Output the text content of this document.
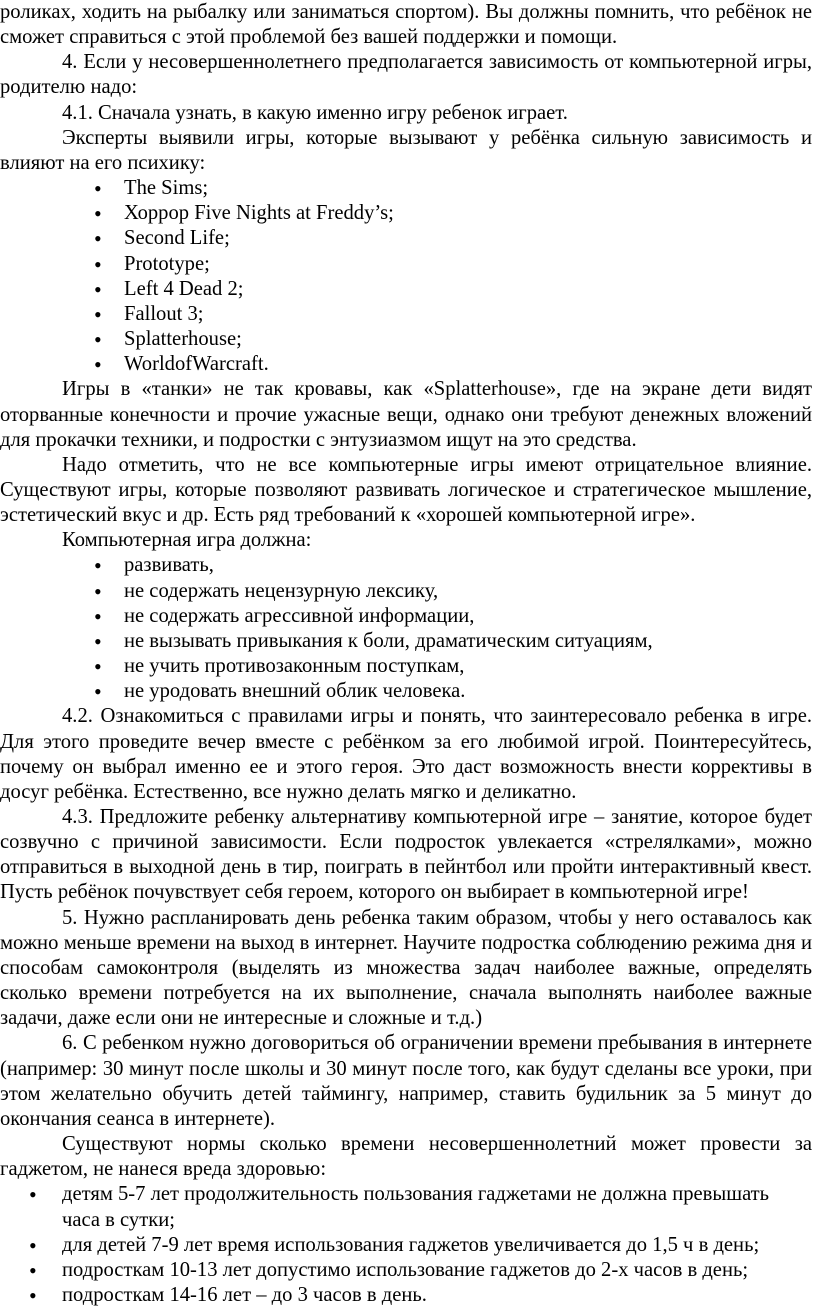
роликах, ходить на рыбалку или заниматься спортом). Вы должны помнить, что ребёнок не сможет справиться с этой проблемой без вашей поддержки и помощи.

4. Если у несовершеннолетнего предполагается зависимость от компьютерной игры, родителю надо:

4.1. Сначала узнать, в какую именно игру ребенок играет.

Эксперты выявили игры, которые вызывают у ребёнка сильную зависимость и влияют на его психику:

• The Sims;
• Хоррор Five Nights at Freddy’s;
• Second Life;
• Prototype;
• Left 4 Dead 2;
• Fallout 3;
• Splatterhouse;
• WorldofWarcraft.

Игры в «танки» не так кровавы, как «Splatterhouse», где на экране дети видят оторванные конечности и прочие ужасные вещи, однако они требуют денежных вложений для прокачки техники, и подростки с энтузиазмом ищут на это средства.

Надо отметить, что не все компьютерные игры имеют отрицательное влияние. Существуют игры, которые позволяют развивать логическое и стратегическое мышление, эстетический вкус и др. Есть ряд требований к «хорошей компьютерной игре».

Компьютерная игра должна:

• развивать,
• не содержать нецензурную лексику,
• не содержать агрессивной информации,
• не вызывать привыкания к боли, драматическим ситуациям,
• не учить противозаконным поступкам,
• не уродовать внешний облик человека.

4.2. Ознакомиться с правилами игры и понять, что заинтересовало ребенка в игре. Для этого проведите вечер вместе с ребёнком за его любимой игрой. Поинтересуйтесь, почему он выбрал именно ее и этого героя. Это даст возможность внести коррективы в досуг ребёнка. Естественно, все нужно делать мягко и деликатно.

4.3. Предложите ребенку альтернативу компьютерной игре – занятие, которое будет созвучно с причиной зависимости. Если подросток увлекается «стрелялками», можно отправиться в выходной день в тир, поиграть в пейнтбол или пройти интерактивный квест. Пусть ребёнок почувствует себя героем, которого он выбирает в компьютерной игре!

5. Нужно распланировать день ребенка таким образом, чтобы у него оставалось как можно меньше времени на выход в интернет. Научите подростка соблюдению режима дня и способам самоконтроля (выделять из множества задач наиболее важные, определять сколько времени потребуется на их выполнение, сначала выполнять наиболее важные задачи, даже если они не интересные и сложные и т.д.)

6. С ребенком нужно договориться об ограничении времени пребывания в интернете (например: 30 минут после школы и 30 минут после того, как будут сделаны все уроки, при этом желательно обучить детей таймингу, например, ставить будильник за 5 минут до окончания сеанса в интернете).

Существуют нормы сколько времени несовершеннолетний может провести за гаджетом, не нанеся вреда здоровью:

• детям 5-7 лет продолжительность пользования гаджетами не должна превышать часа в сутки;
• для детей 7-9 лет время использования гаджетов увеличивается до 1,5 ч в день;
• подросткам 10-13 лет допустимо использование гаджетов до 2-х часов в день;
• подросткам 14-16 лет – до 3 часов в день.
